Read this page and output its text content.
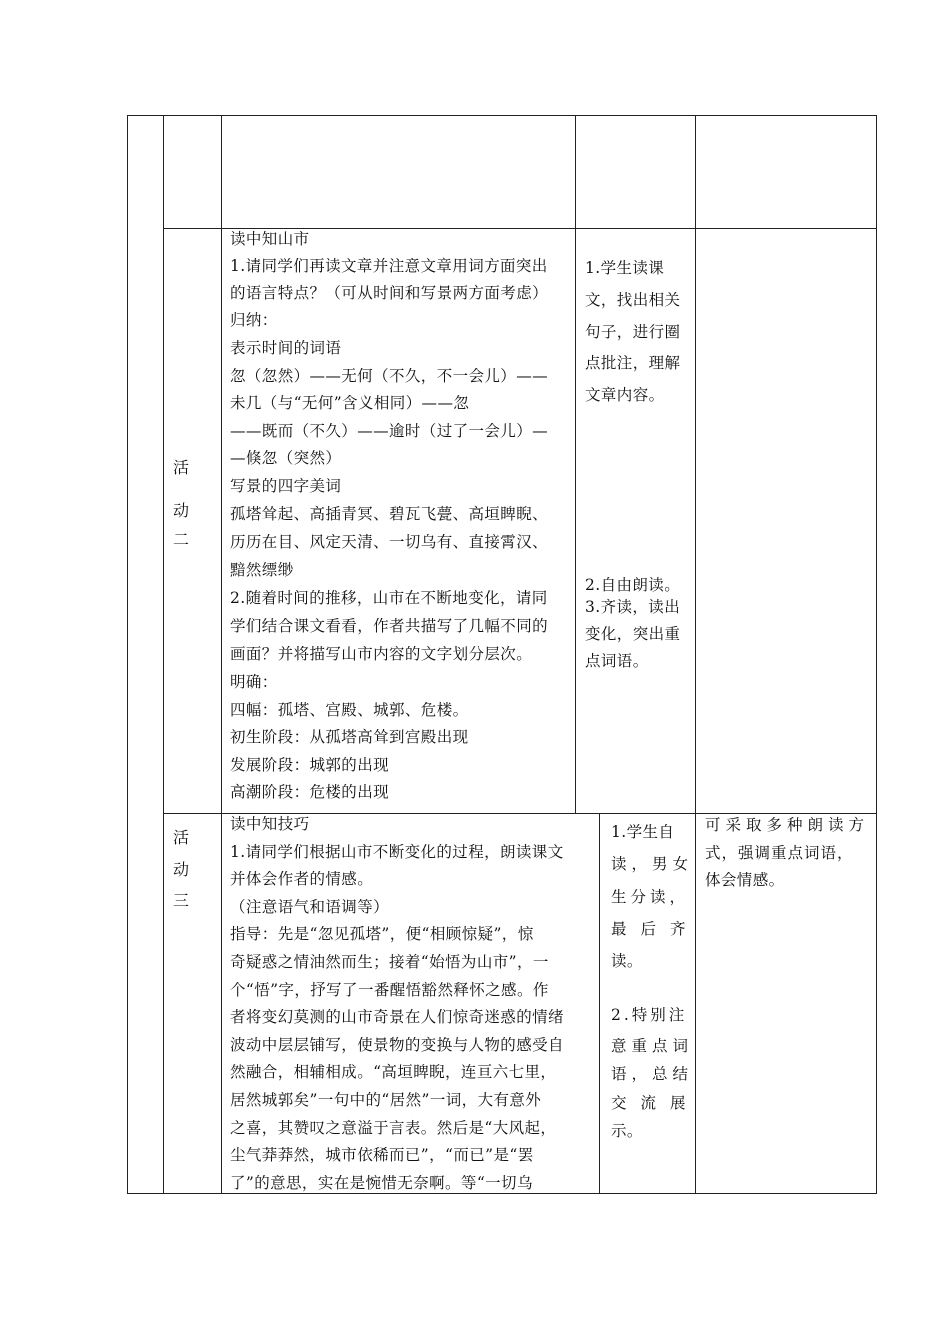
活
动
二
读中知山市
1.请同学们再读文章并注意文章用词方面突出
的语言特点？（可从时间和写景两方面考虑）
归纳：
表示时间的词语
忽（忽然）——无何（不久，不一会儿）——
未几（与“无何”含义相同）——忽
——既而（不久）——逾时（过了一会儿）—
—倏忽（突然）
写景的四字美词
孤塔耸起、高插青冥、碧瓦飞甍、高垣睥睨、
历历在目、风定天清、一切乌有、直接霄汉、
黯然缥缈
2.随着时间的推移，山市在不断地变化，请同
学们结合课文看看，作者共描写了几幅不同的
画面？并将描写山市内容的文字划分层次。
明确：
四幅：孤塔、宫殿、城郭、危楼。
初生阶段：从孤塔高耸到宫殿出现
发展阶段：城郭的出现
高潮阶段：危楼的出现
1.学生读课
文，找出相关
句子，进行圈
点批注，理解
文章内容。
2.自由朗读。
3.齐读，读出
变化，突出重
点词语。
活
动
三
读中知技巧
1.请同学们根据山市不断变化的过程，朗读课文
并体会作者的情感。
（注意语气和语调等）
指导：先是“忽见孤塔”，便“相顾惊疑”，惊
奇疑惑之情油然而生；接着“始悟为山市”，一
个“悟”字，抒写了一番醒悟豁然释怀之感。作
者将变幻莫测的山市奇景在人们惊奇迷惑的情绪
波动中层层铺写，使景物的变换与人物的感受自
然融合，相辅相成。“高垣睥睨，连亘六七里，
居然城郭矣”一句中的“居然”一词，大有意外
之喜，其赞叹之意溢于言表。然后是“大风起，
尘气莽莽然，城市依稀而已”，“而已”是“罢
了”的意思，实在是惋惜无奈啊。等“一切乌
1.学生自
读，男女
生分读，
最后齐
读。
2.特别注
意重点词
语，总结
交流展
示。
可采取多种朗读方
式，强调重点词语，
体会情感。
